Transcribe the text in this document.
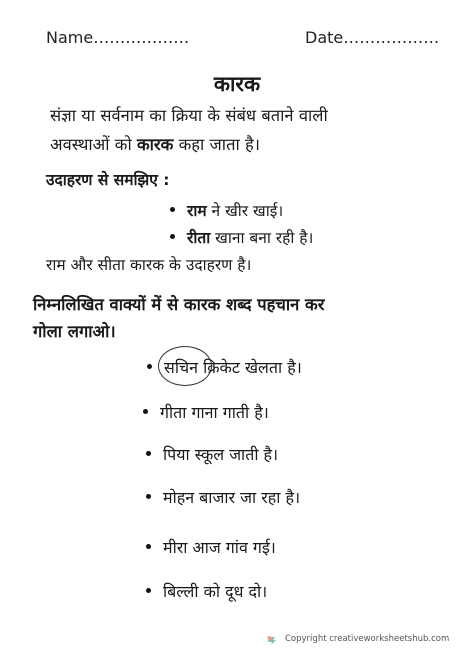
Name………………	Date………………
कारक
संज्ञा या सर्वनाम का क्रिया के संबंध बताने वाली
अवस्थाओं को कारक कहा जाता है।
उदाहरण से समझिए :
राम ने खीर खाई।
रीता खाना बना रही है।
राम और सीता कारक के उदाहरण है।
निम्नलिखित वाक्यों में से कारक शब्द पहचान कर
गोला लगाओ।
सचिन क्रिकेट खेलता है।
गीता गाना गाती है।
पिया स्कूल जाती है।
मोहन बाजार जा रहा है।
मीरा आज गांव गई।
बिल्ली को दूध दो।
Copyright creativeworksheetshub.com
